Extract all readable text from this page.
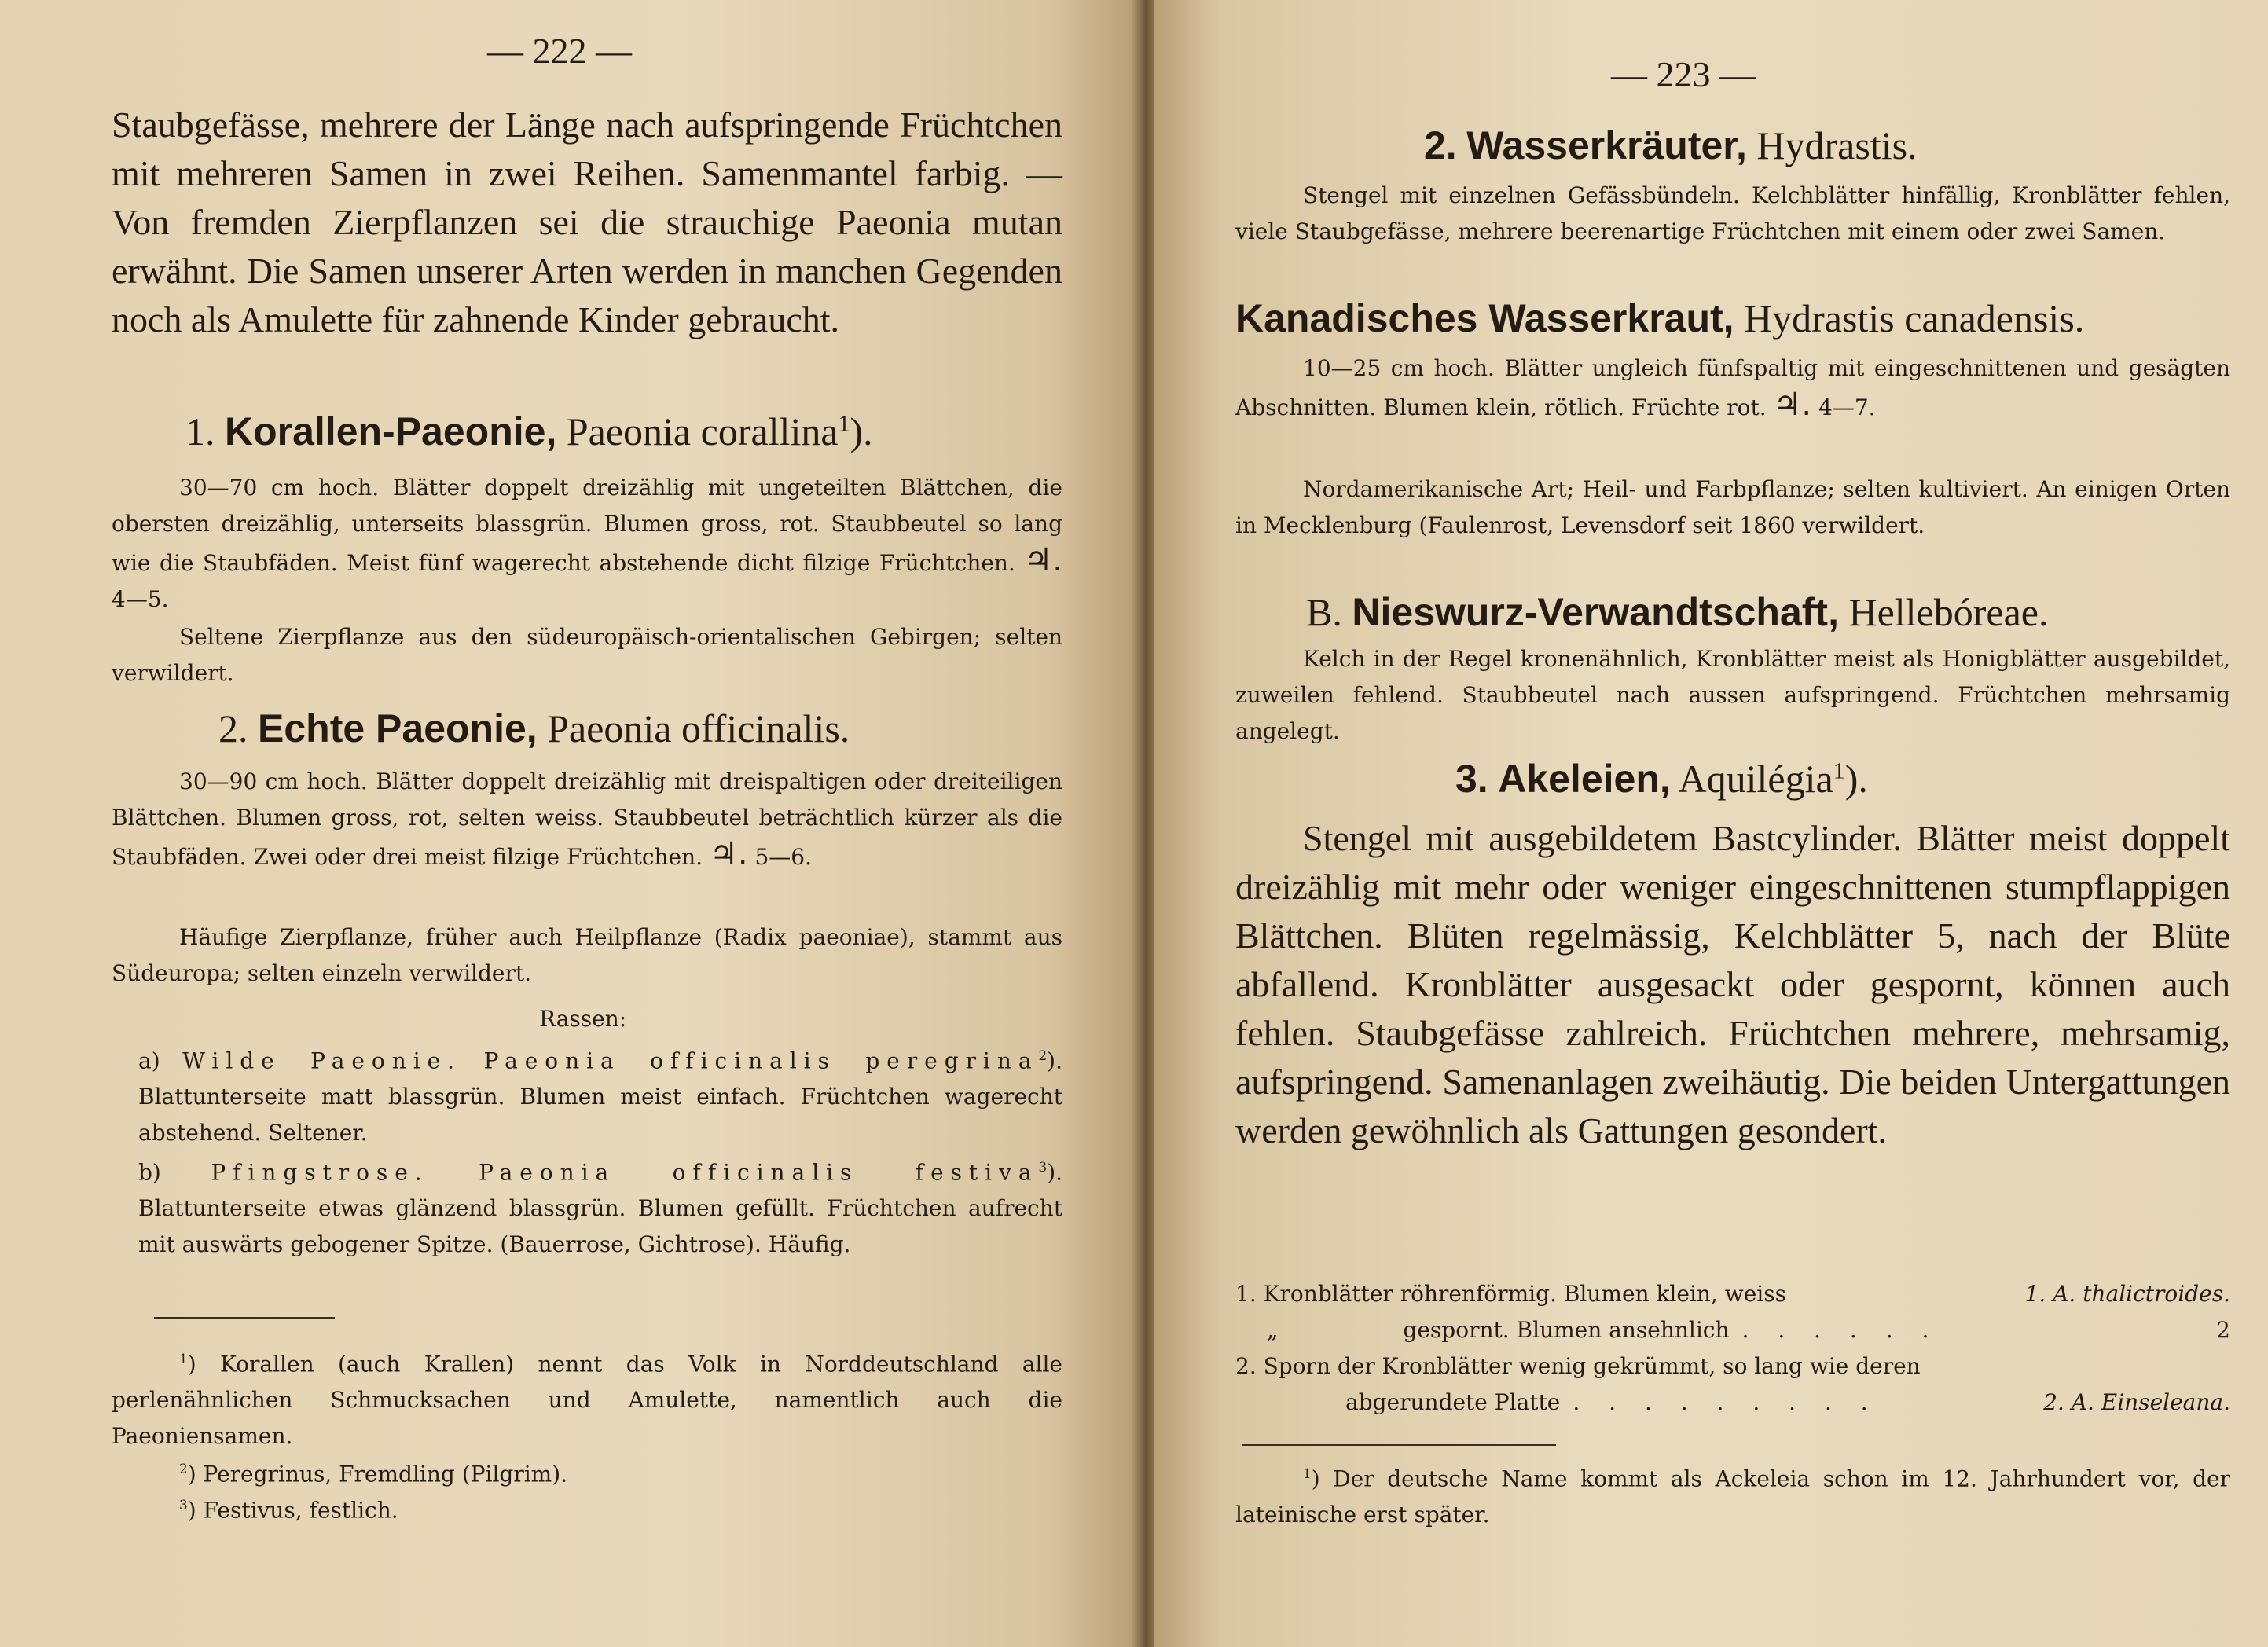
— 222 —
Staubgefässe, mehrere der Länge nach aufspringende Früchtchen mit mehreren Samen in zwei Reihen. Samenmantel farbig. — Von fremden Zierpflanzen sei die strauchige Paeonia mutan erwähnt. Die Samen unserer Arten werden in manchen Gegenden noch als Amulette für zahnende Kinder gebraucht.
1. Korallen-Paeonie, Paeonia corallina$^1$).
30—70 cm hoch. Blätter doppelt dreizählig mit ungeteilten Blättchen, die obersten dreizählig, unterseits blassgrün. Blumen gross, rot. Staubbeutel so lang wie die Staubfäden. Meist fünf wagerecht abstehende dicht filzige Früchtchen. ♃. 4—5.
Seltene Zierpflanze aus den südeuropäisch-orientalischen Gebirgen; selten verwildert.
2. Echte Paeonie, Paeonia officinalis.
30—90 cm hoch. Blätter doppelt dreizählig mit dreispaltigen oder dreiteiligen Blättchen. Blumen gross, rot, selten weiss. Staubbeutel beträchtlich kürzer als die Staubfäden. Zwei oder drei meist filzige Früchtchen. ♃. 5—6.
Häufige Zierpflanze, früher auch Heilpflanze (Radix paeoniae), stammt aus Südeuropa; selten einzeln verwildert.
Rassen:
a) Wilde Paeonie. Paeonia officinalis peregrina$^2$). Blattunterseite matt blassgrün. Blumen meist einfach. Früchtchen wagerecht abstehend. Seltener.
b) Pfingstrose. Paeonia officinalis festiva$^3$). Blattunterseite etwas glänzend blassgrün. Blumen gefüllt. Früchtchen aufrecht mit auswärts gebogener Spitze. (Bauerrose, Gichtrose). Häufig.
$^1$) Korallen (auch Krallen) nennt das Volk in Norddeutschland alle perlenähnlichen Schmucksachen und Amulette, namentlich auch die Paeoniensamen.
$^2$) Peregrinus, Fremdling (Pilgrim).
$^3$) Festivus, festlich.
— 223 —
2. Wasserkräuter, Hydrastis.
Stengel mit einzelnen Gefässbündeln. Kelchblätter hinfällig, Kronblätter fehlen, viele Staubgefässe, mehrere beerenartige Früchtchen mit einem oder zwei Samen.
Kanadisches Wasserkraut, Hydrastis canadensis.
10—25 cm hoch. Blätter ungleich fünfspaltig mit eingeschnittenen und gesägten Abschnitten. Blumen klein, rötlich. Früchte rot. ♃. 4—7.
Nordamerikanische Art; Heil- und Farbpflanze; selten kultiviert. An einigen Orten in Mecklenburg (Faulenrost, Levensdorf seit 1860 verwildert.
B. Nieswurz-Verwandtschaft, Hellebóreae.
Kelch in der Regel kronenähnlich, Kronblätter meist als Honigblätter ausgebildet, zuweilen fehlend. Staubbeutel nach aussen aufspringend. Früchtchen mehrsamig angelegt.
3. Akeleien, Aquilégia$^1$).
Stengel mit ausgebildetem Bastcylinder. Blätter meist doppelt dreizählig mit mehr oder weniger eingeschnittenen stumpflappigen Blättchen. Blüten regelmässig, Kelchblätter 5, nach der Blüte abfallend. Kronblätter ausgesackt oder gespornt, können auch fehlen. Staubgefässe zahlreich. Früchtchen mehrere, mehrsamig, aufspringend. Samenanlagen zweihäutig. Die beiden Untergattungen werden gewöhnlich als Gattungen gesondert.
1. Kronblätter röhrenförmig. Blumen klein, weiss	1. A. thalictroides.
„	gespornt. Blumen ansehnlich . . . . . .	2
2. Sporn der Kronblätter wenig gekrümmt, so lang wie deren
abgerundete Platte . . . . . . . . .	2. A. Einseleana.
$^1$) Der deutsche Name kommt als Ackeleia schon im 12. Jahrhundert vor, der lateinische erst später.
